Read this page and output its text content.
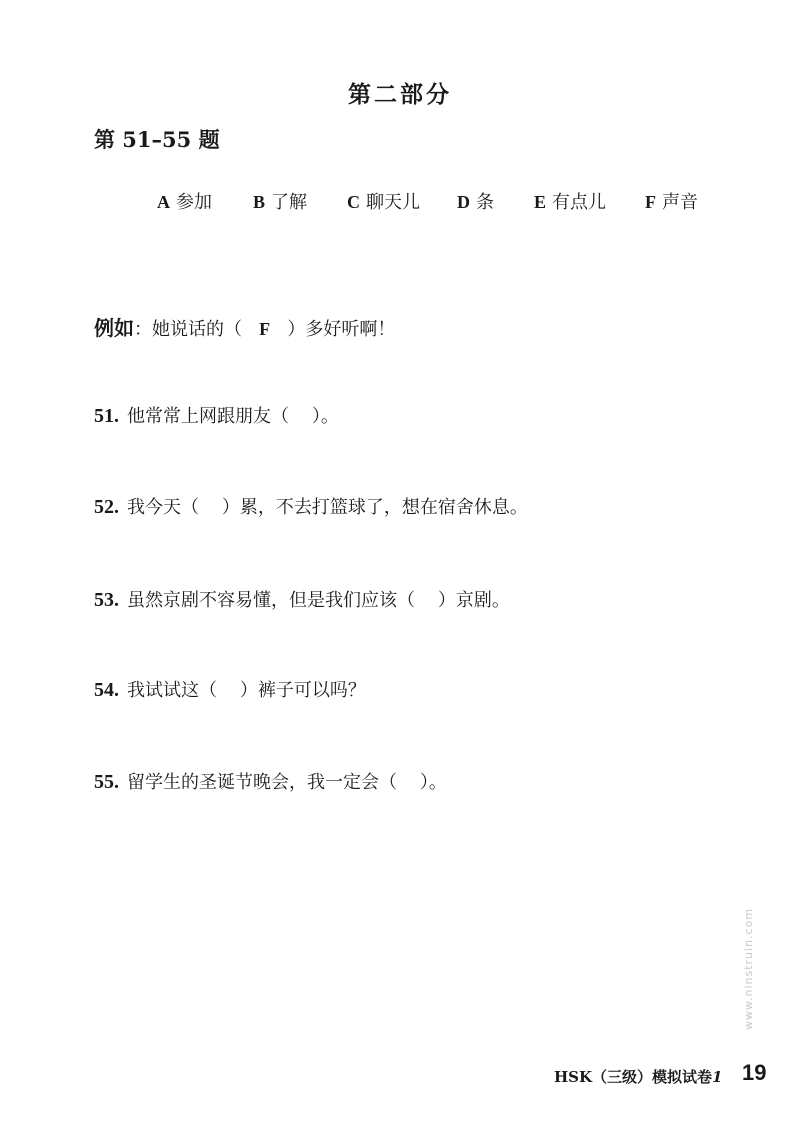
第二部分
第 51–55 题
A 参加 B 了解 C 聊天儿 D 条 E 有点儿 F 声音
例如：她说话的（   F   ）多好听啊！
51. 他常常上网跟朋友（    ）。
52. 我今天（    ）累，不去打篮球了，想在宿舍休息。
53. 虽然京剧不容易懂，但是我们应该（    ）京剧。
54. 我试试这（    ）裤子可以吗？
55. 留学生的圣诞节晚会，我一定会（    ）。
www.ninstruin.com
HSK（三级）模拟试卷1 19
